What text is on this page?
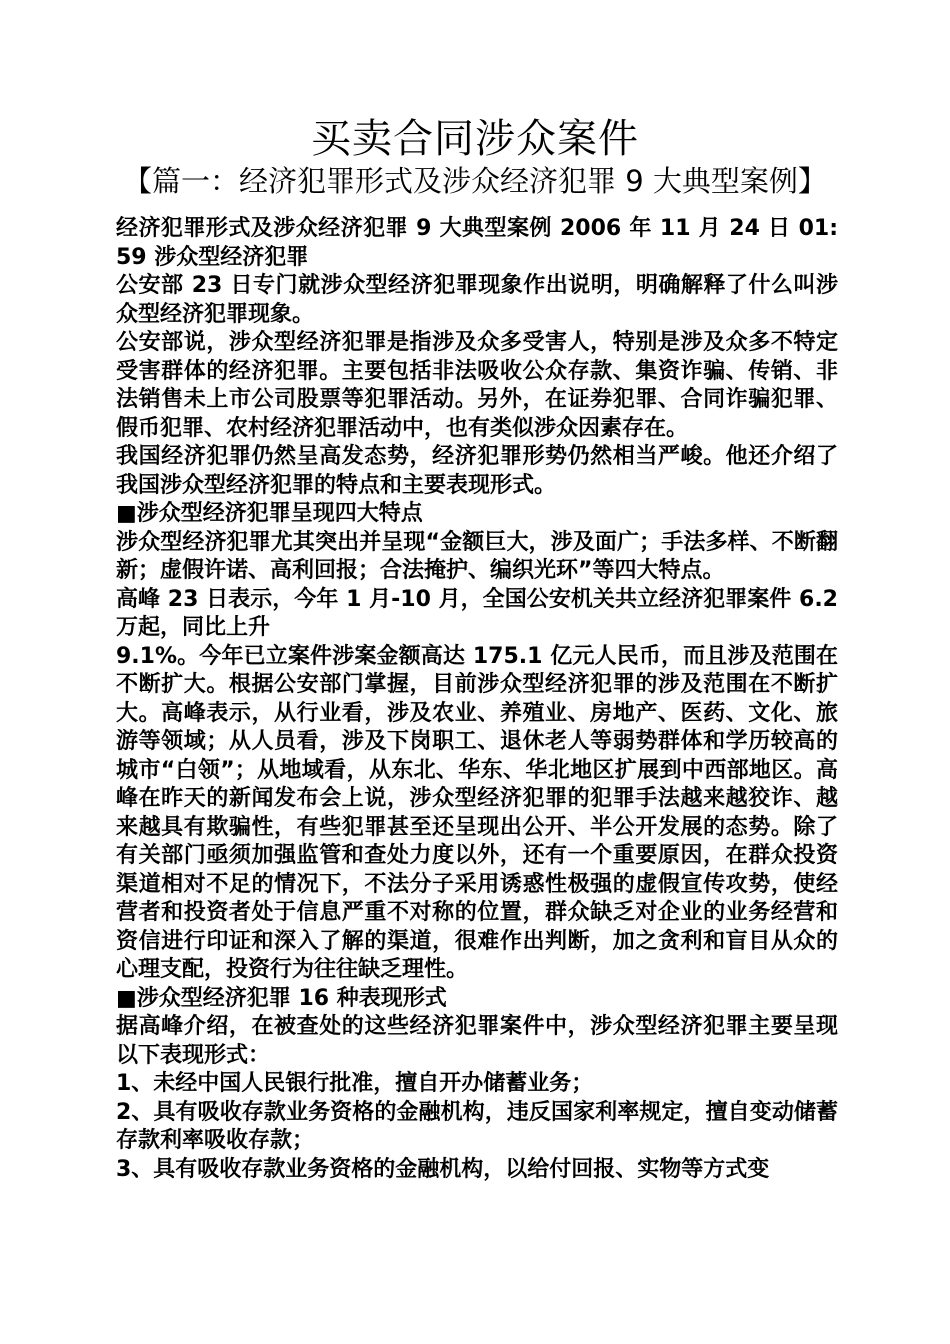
买卖合同涉众案件
【篇一：经济犯罪形式及涉众经济犯罪 9 大典型案例】

经济犯罪形式及涉众经济犯罪 9 大典型案例 2006 年 11 月 24 日 01:59 涉众型经济犯罪

公安部 23 日专门就涉众型经济犯罪现象作出说明，明确解释了什么叫涉众型经济犯罪现象。

公安部说，涉众型经济犯罪是指涉及众多受害人，特别是涉及众多不特定受害群体的经济犯罪。主要包括非法吸收公众存款、集资诈骗、传销、非法销售未上市公司股票等犯罪活动。另外，在证券犯罪、合同诈骗犯罪、假币犯罪、农村经济犯罪活动中，也有类似涉众因素存在。

我国经济犯罪仍然呈高发态势，经济犯罪形势仍然相当严峻。他还介绍了我国涉众型经济犯罪的特点和主要表现形式。

■涉众型经济犯罪呈现四大特点

涉众型经济犯罪尤其突出并呈现“金额巨大，涉及面广；手法多样、不断翻新；虚假许诺、高利回报；合法掩护、编织光环”等四大特点。

高峰 23 日表示，今年 1 月-10 月，全国公安机关共立经济犯罪案件 6.2 万起，同比上升

9.1%。今年已立案件涉案金额高达 175.1 亿元人民币，而且涉及范围在不断扩大。根据公安部门掌握，目前涉众型经济犯罪的涉及范围在不断扩大。高峰表示，从行业看，涉及农业、养殖业、房地产、医药、文化、旅游等领域；从人员看，涉及下岗职工、退休老人等弱势群体和学历较高的城市“白领”；从地域看，从东北、华东、华北地区扩展到中西部地区。高峰在昨天的新闻发布会上说，涉众型经济犯罪的犯罪手法越来越狡诈、越来越具有欺骗性，有些犯罪甚至还呈现出公开、半公开发展的态势。除了有关部门亟须加强监管和查处力度以外，还有一个重要原因，在群众投资渠道相对不足的情况下，不法分子采用诱惑性极强的虚假宣传攻势，使经营者和投资者处于信息严重不对称的位置，群众缺乏对企业的业务经营和资信进行印证和深入了解的渠道，很难作出判断，加之贪利和盲目从众的心理支配，投资行为往往缺乏理性。

■涉众型经济犯罪 16 种表现形式

据高峰介绍，在被查处的这些经济犯罪案件中，涉众型经济犯罪主要呈现以下表现形式：

1、未经中国人民银行批准，擅自开办储蓄业务；

2、具有吸收存款业务资格的金融机构，违反国家利率规定，擅自变动储蓄存款利率吸收存款；

3、具有吸收存款业务资格的金融机构，以给付回报、实物等方式变
